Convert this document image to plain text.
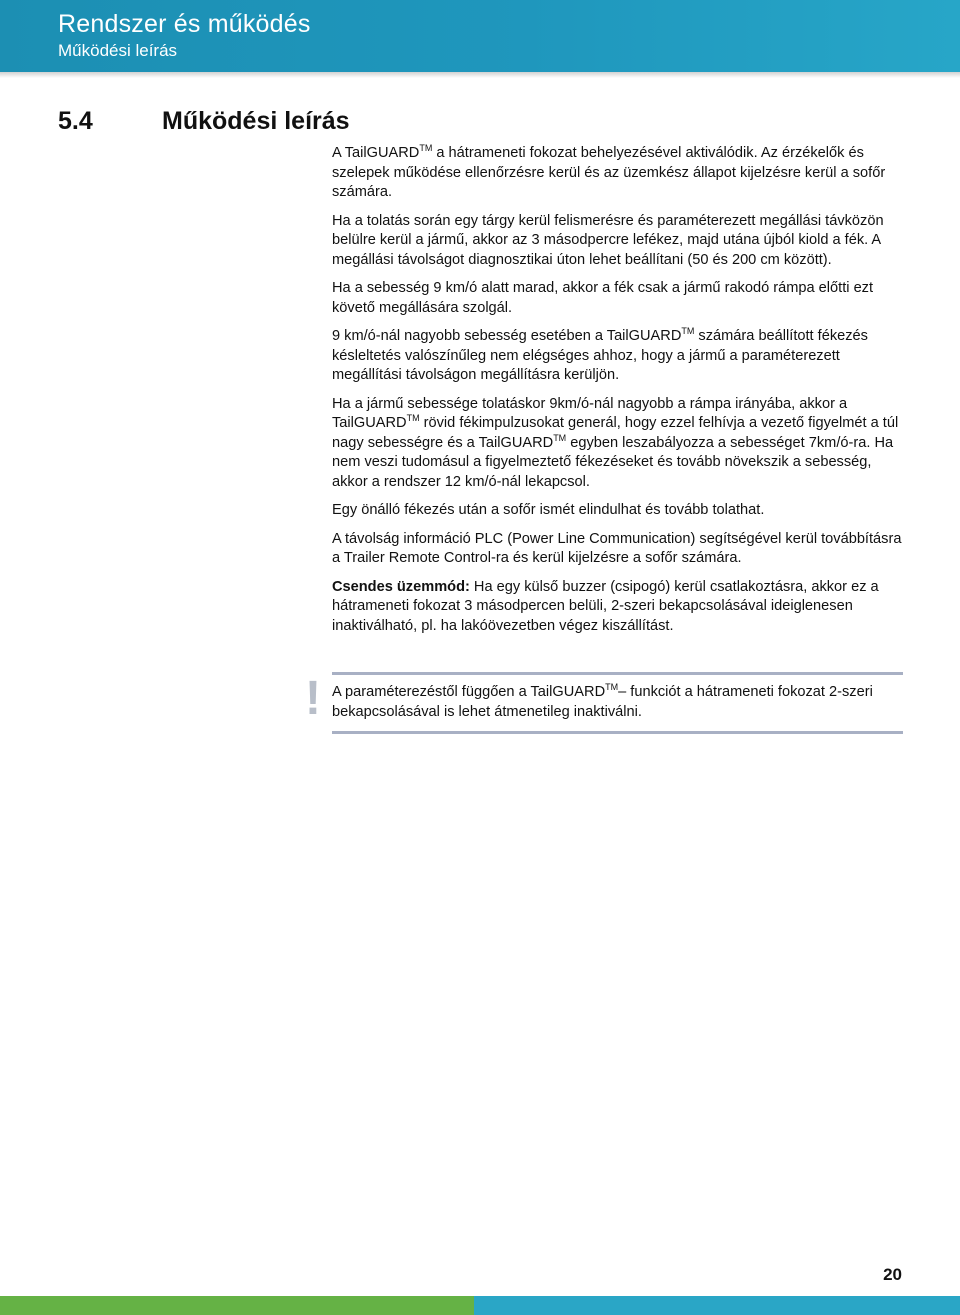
Rendszer és működés
Működési leírás
5.4	Működési leírás

A TailGUARD™ a hátrameneti fokozat behelyezésével aktiválódik. Az érzékelők és szelepek működése ellenőrzésre kerül és az üzemkész állapot kijelzésre kerül a sofőr számára.

Ha a tolatás során egy tárgy kerül felismerésre és paraméterezett megállási távközön belülre kerül a jármű, akkor az 3 másodpercre lefékez, majd utána újból kiold a fék. A megállási távolságot diagnosztikai úton lehet beállítani (50 és 200 cm között).

Ha a sebesség 9 km/ó alatt marad, akkor a fék csak a jármű rakodó rámpa előtti ezt követő megállására szolgál.

9 km/ó-nál nagyobb sebesség esetében a TailGUARD™ számára beállított fékezés késleltetés valószínűleg nem elégséges ahhoz, hogy a jármű a paraméterezett megállítási távolságon megállításra kerüljön.

Ha a jármű sebessége tolatáskor 9km/ó-nál nagyobb a rámpa irányába, akkor a TailGUARD™ rövid fékimpulzusokat generál, hogy ezzel felhívja a vezető figyelmét a túl nagy sebességre és a TailGUARD™ egyben leszabályozza a sebességet 7km/ó-ra. Ha nem veszi tudomásul a figyelmeztető fékezéseket és tovább növekszik a sebesség, akkor a rendszer 12 km/ó-nál lekapcsol.

Egy önálló fékezés után a sofőr ismét elindulhat és tovább tolathat.

A távolság információ PLC (Power Line Communication) segítségével kerül továbbításra a Trailer Remote Control-ra és kerül kijelzésre a sofőr számára.

Csendes üzemmód: Ha egy külső buzzer (csipogó) kerül csatlakoztásra, akkor ez a hátrameneti fokozat 3 másodpercen belüli, 2-szeri bekapcsolásával ideiglenesen inaktiválható, pl. ha lakóövezetben végez kiszállítást.

! A paraméterezéstől függően a TailGUARD™– funkciót a hátrameneti fokozat 2-szeri bekapcsolásával is lehet átmenetileg inaktiválni.
20
